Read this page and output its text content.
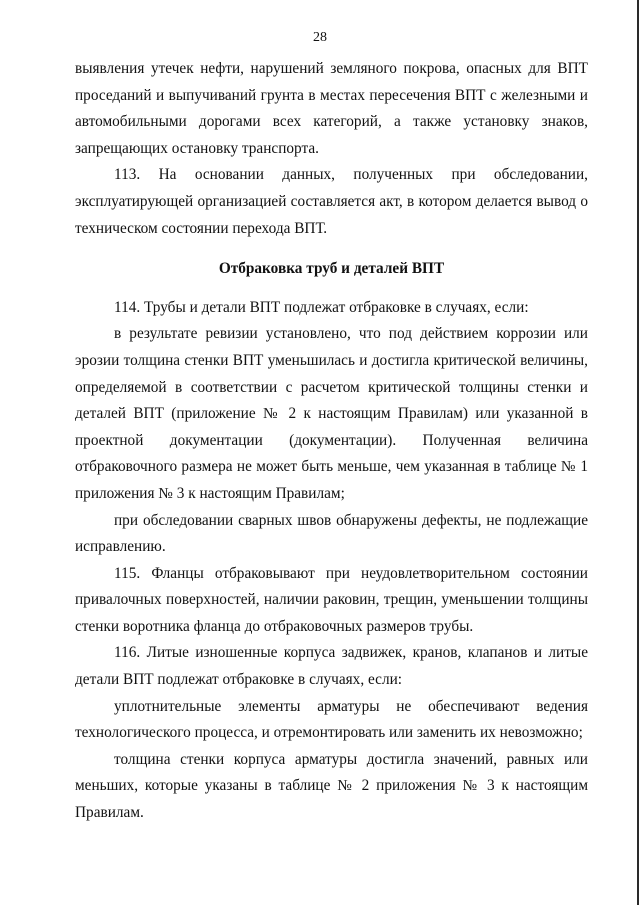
28

выявления утечек нефти, нарушений земляного покрова, опасных для ВПТ проседаний и выпучиваний грунта в местах пересечения ВПТ с железными и автомобильными дорогами всех категорий, а также установку знаков, запрещающих остановку транспорта.

113. На основании данных, полученных при обследовании, эксплуатирующей организацией составляется акт, в котором делается вывод о техническом состоянии перехода ВПТ.

Отбраковка труб и деталей ВПТ

114. Трубы и детали ВПТ подлежат отбраковке в случаях, если:

в результате ревизии установлено, что под действием коррозии или эрозии толщина стенки ВПТ уменьшилась и достигла критической величины, определяемой в соответствии с расчетом критической толщины стенки и деталей ВПТ (приложение № 2 к настоящим Правилам) или указанной в проектной документации (документации). Полученная величина отбраковочного размера не может быть меньше, чем указанная в таблице № 1 приложения № 3 к настоящим Правилам;

при обследовании сварных швов обнаружены дефекты, не подлежащие исправлению.

115. Фланцы отбраковывают при неудовлетворительном состоянии привалочных поверхностей, наличии раковин, трещин, уменьшении толщины стенки воротника фланца до отбраковочных размеров трубы.

116. Литые изношенные корпуса задвижек, кранов, клапанов и литые детали ВПТ подлежат отбраковке в случаях, если:

уплотнительные элементы арматуры не обеспечивают ведения технологического процесса, и отремонтировать или заменить их невозможно;

толщина стенки корпуса арматуры достигла значений, равных или меньших, которые указаны в таблице № 2 приложения № 3 к настоящим Правилам.
